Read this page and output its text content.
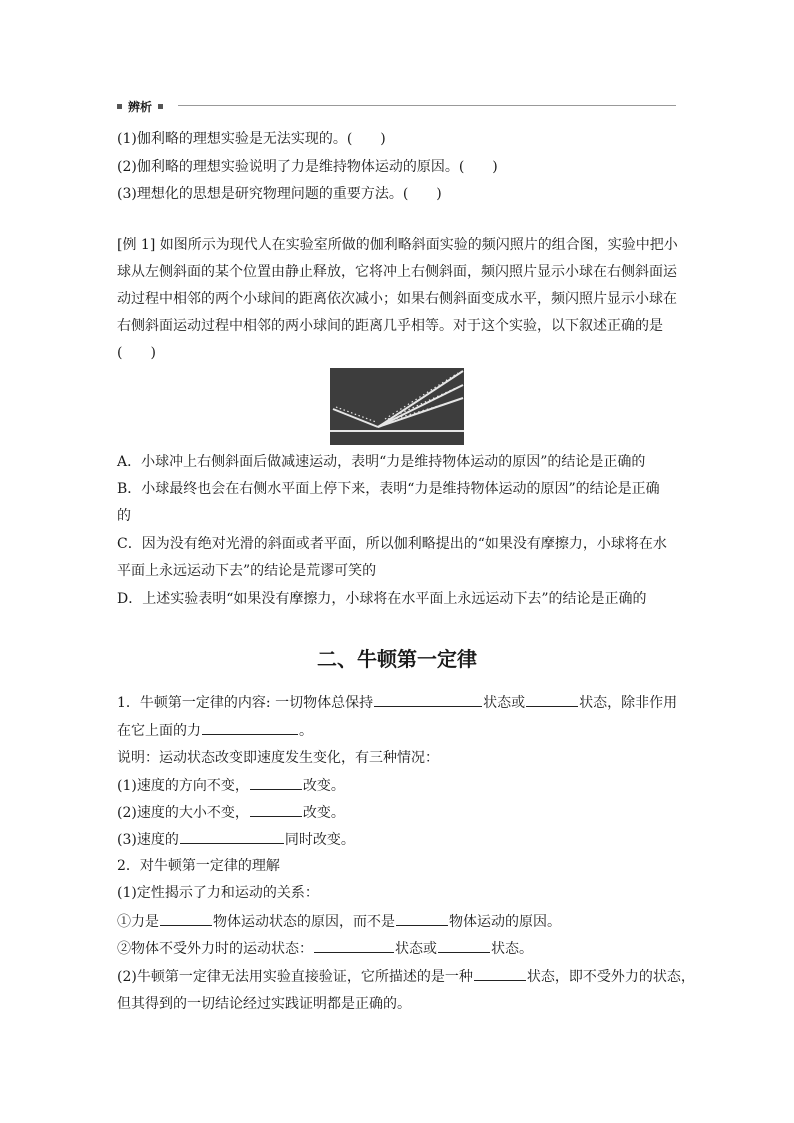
辨析
(1)伽利略的理想实验是无法实现的。(　　)
(2)伽利略的理想实验说明了力是维持物体运动的原因。(　　)
(3)理想化的思想是研究物理问题的重要方法。(　　)
[例 1] 如图所示为现代人在实验室所做的伽利略斜面实验的频闪照片的组合图，实验中把小
球从左侧斜面的某个位置由静止释放，它将冲上右侧斜面，频闪照片显示小球在右侧斜面运
动过程中相邻的两个小球间的距离依次减小；如果右侧斜面变成水平，频闪照片显示小球在
右侧斜面运动过程中相邻的两小球间的距离几乎相等。对于这个实验，以下叙述正确的是
(　　)
A．小球冲上右侧斜面后做减速运动，表明“力是维持物体运动的原因”的结论是正确的
B．小球最终也会在右侧水平面上停下来，表明“力是维持物体运动的原因”的结论是正确
的
C．因为没有绝对光滑的斜面或者平面，所以伽利略提出的“如果没有摩擦力，小球将在水
平面上永远运动下去”的结论是荒谬可笑的
D．上述实验表明“如果没有摩擦力，小球将在水平面上永远运动下去”的结论是正确的
二、牛顿第一定律
1．牛顿第一定律的内容: 一切物体总保持	状态或	状态，除非作用
在它上面的力	。
说明：运动状态改变即速度发生变化，有三种情况：
(1)速度的方向不变，	改变。
(2)速度的大小不变，	改变。
(3)速度的	同时改变。
2．对牛顿第一定律的理解
(1)定性揭示了力和运动的关系：
①力是	物体运动状态的原因，而不是	物体运动的原因。
②物体不受外力时的运动状态：	状态或	状态。
(2)牛顿第一定律无法用实验直接验证，它所描述的是一种	状态，即不受外力的状态，
但其得到的一切结论经过实践证明都是正确的。
